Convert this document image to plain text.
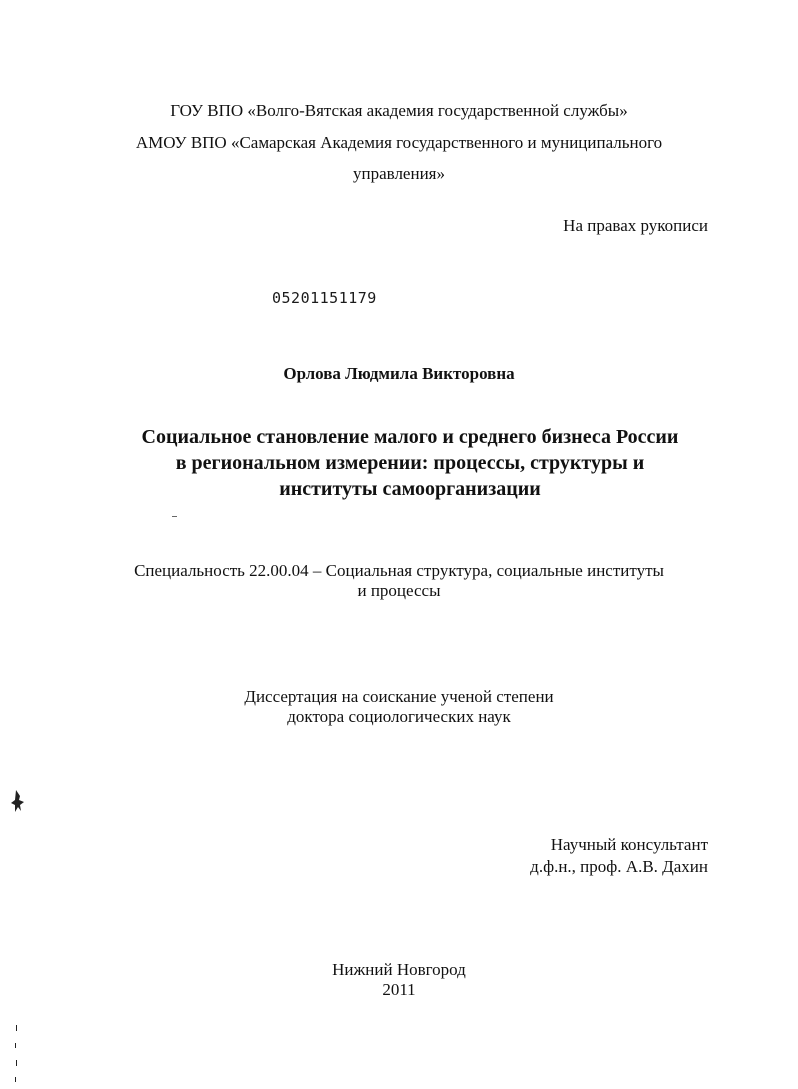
ГОУ ВПО «Волго-Вятская академия государственной службы»
АМОУ ВПО «Самарская Академия государственного и муниципального
управления»
На правах рукописи
05201151179
Орлова Людмила Викторовна
Социальное становление малого и среднего бизнеса России
в региональном измерении: процессы, структуры и
институты самоорганизации
Специальность 22.00.04 – Социальная структура, социальные институты
и процессы
Диссертация на соискание ученой степени
доктора социологических наук
Научный консультант
д.ф.н., проф. А.В. Дахин
Нижний Новгород
2011
